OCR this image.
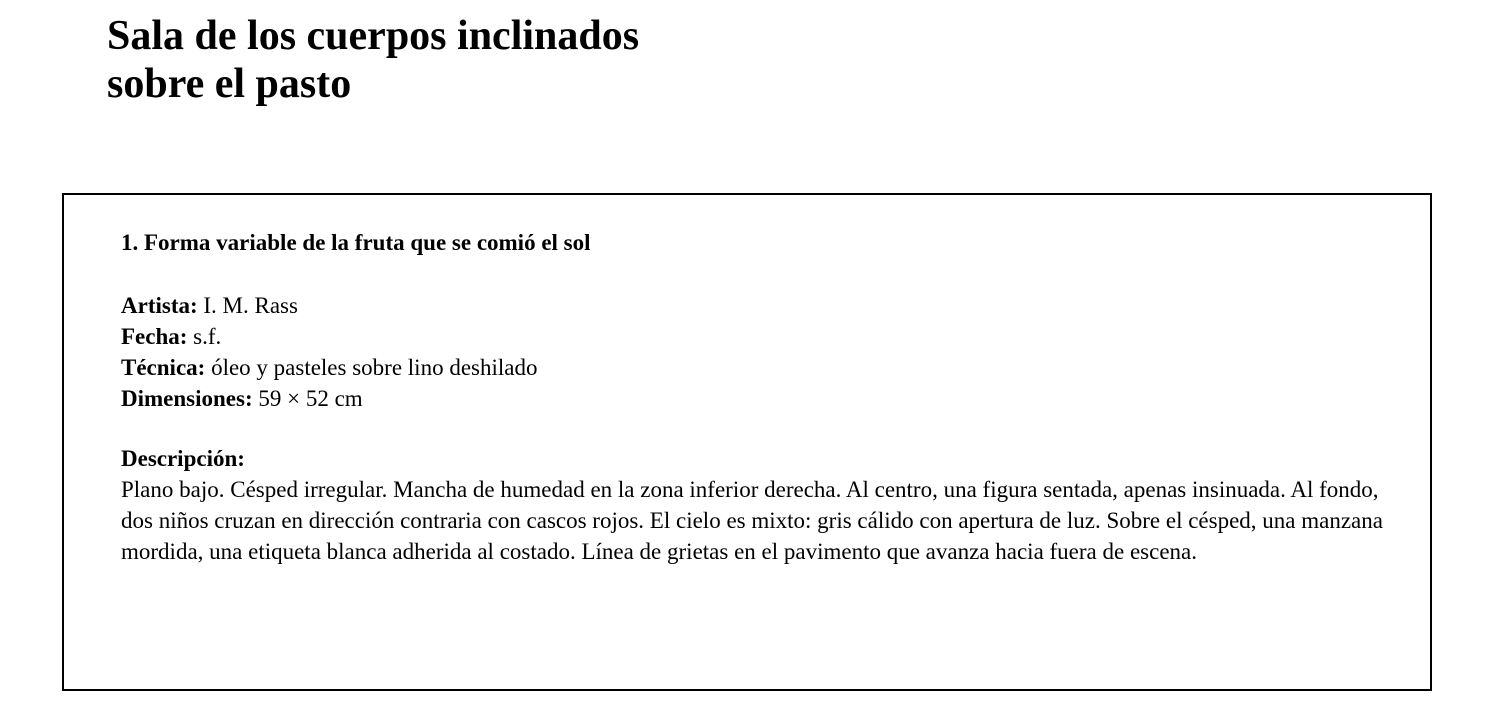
Sala de los cuerpos inclinados
sobre el pasto
1. Forma variable de la fruta que se comió el sol
Artista: I. M. Rass
Fecha: s.f.
Técnica: óleo y pasteles sobre lino deshilado
Dimensiones: 59 × 52 cm
Descripción:
Plano bajo. Césped irregular. Mancha de humedad en la zona inferior derecha. Al centro, una figura sentada, apenas insinuada. Al fondo, dos niños cruzan en dirección contraria con cascos rojos. El cielo es mixto: gris cálido con apertura de luz. Sobre el césped, una manzana mordida, una etiqueta blanca adherida al costado. Línea de grietas en el pavimento que avanza hacia fuera de escena.
